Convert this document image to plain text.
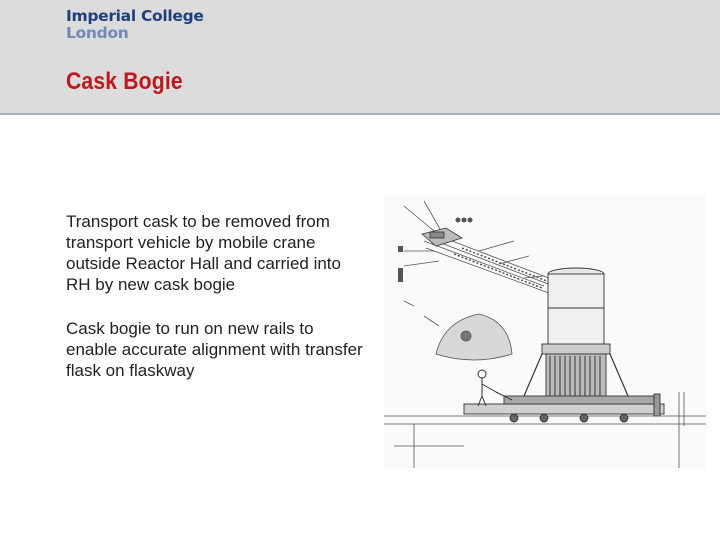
Imperial College
London
Cask Bogie

Transport cask to be removed from transport vehicle by mobile crane outside Reactor Hall and carried into RH by new cask bogie

Cask bogie to run on new rails to enable accurate alignment with transfer flask on flaskway
